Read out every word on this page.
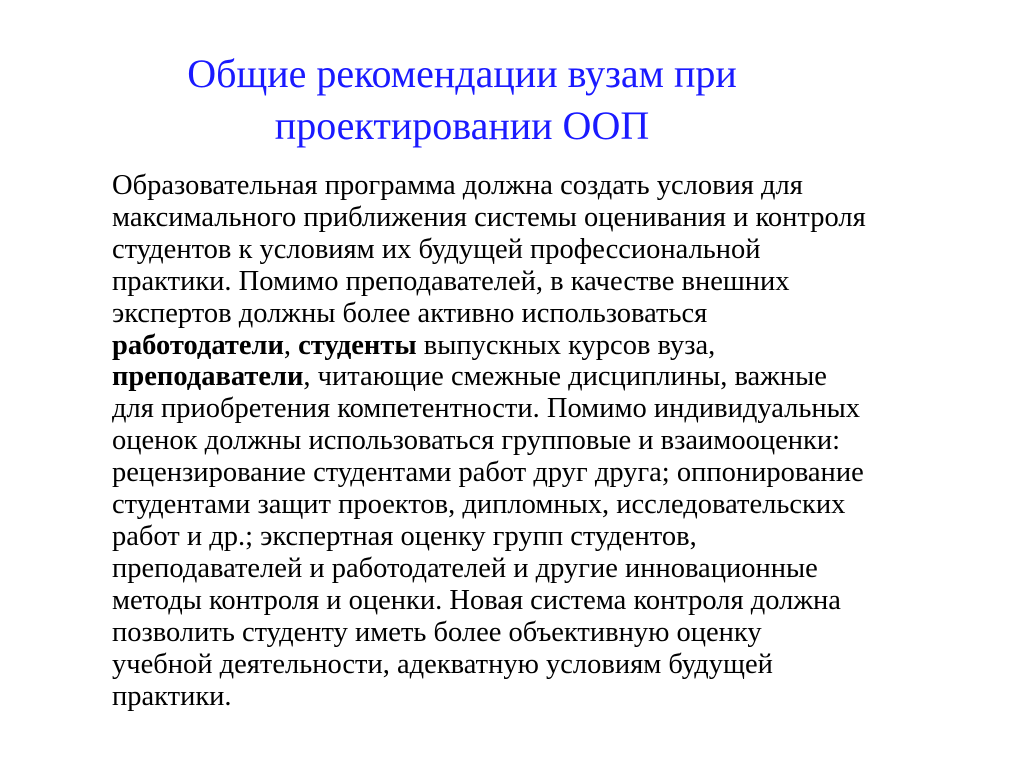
Общие рекомендации вузам при
проектировании ООП

Образовательная программа должна создать условия для
максимального приближения системы оценивания и контроля
студентов к условиям их будущей профессиональной
практики. Помимо преподавателей, в качестве внешних
экспертов должны более активно использоваться
работодатели, студенты выпускных курсов вуза,
преподаватели, читающие смежные дисциплины, важные
для приобретения компетентности. Помимо индивидуальных
оценок должны использоваться групповые и взаимооценки:
рецензирование студентами работ друг друга; оппонирование
студентами защит проектов, дипломных, исследовательских
работ и др.; экспертная оценку групп студентов,
преподавателей и работодателей и другие инновационные
методы контроля и оценки. Новая система контроля должна
позволить студенту иметь более объективную оценку
учебной деятельности, адекватную условиям будущей
практики.
